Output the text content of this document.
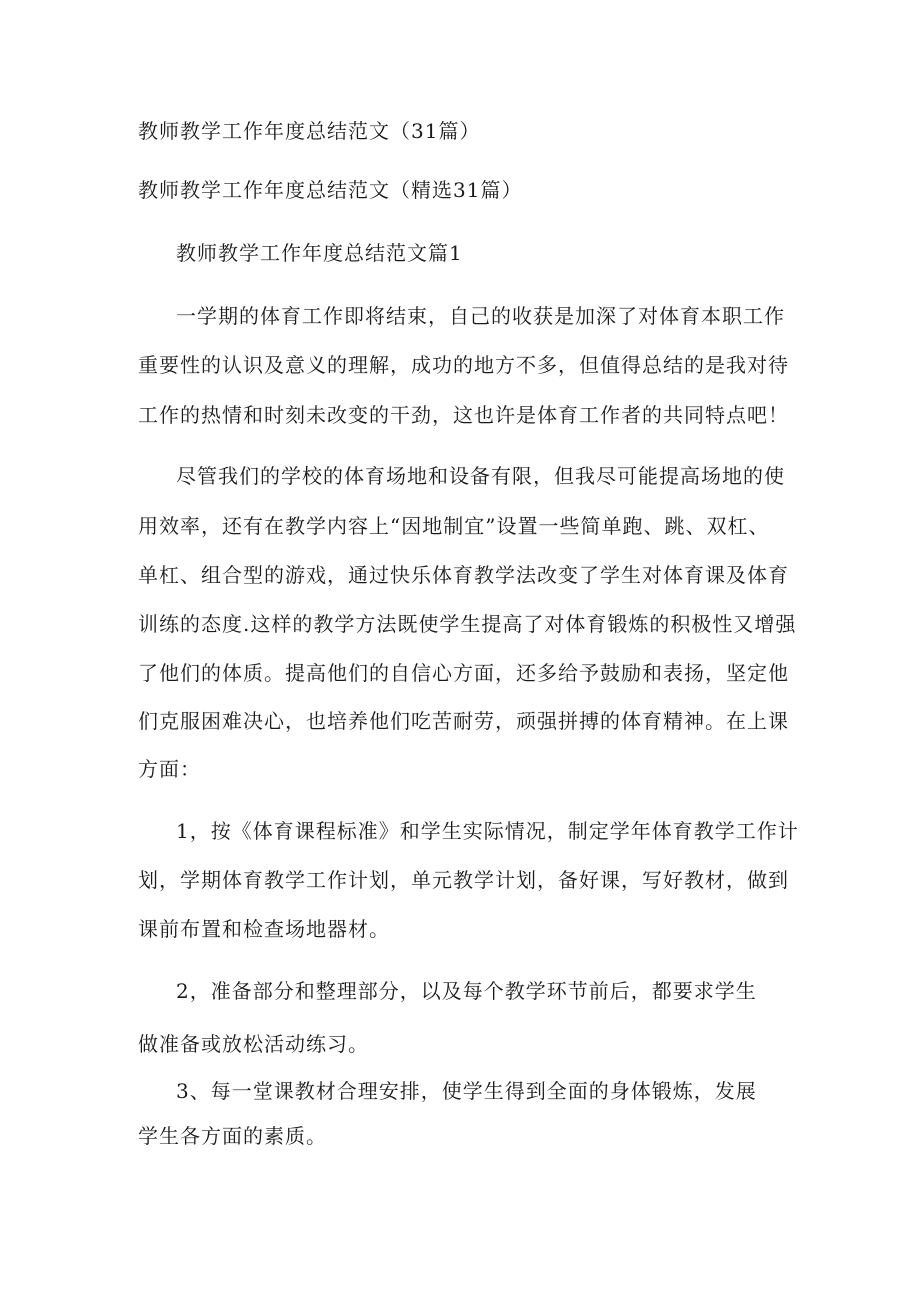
教师教学工作年度总结范文（31篇）
教师教学工作年度总结范文（精选31篇）
教师教学工作年度总结范文篇1
一学期的体育工作即将结束，自己的收获是加深了对体育本职工作
重要性的认识及意义的理解，成功的地方不多，但值得总结的是我对待
工作的热情和时刻未改变的干劲，这也许是体育工作者的共同特点吧！
尽管我们的学校的体育场地和设备有限，但我尽可能提高场地的使
用效率，还有在教学内容上“因地制宜”设置一些简单跑、跳、双杠、
单杠、组合型的游戏，通过快乐体育教学法改变了学生对体育课及体育
训练的态度.这样的教学方法既使学生提高了对体育锻炼的积极性又增强
了他们的体质。提高他们的自信心方面，还多给予鼓励和表扬，坚定他
们克服困难决心，也培养他们吃苦耐劳，顽强拼搏的体育精神。在上课
方面：
1，按《体育课程标准》和学生实际情况，制定学年体育教学工作计
划，学期体育教学工作计划，单元教学计划，备好课，写好教材，做到
课前布置和检查场地器材。
2，准备部分和整理部分，以及每个教学环节前后，都要求学生
做准备或放松活动练习。
3、每一堂课教材合理安排，使学生得到全面的身体锻炼，发展
学生各方面的素质。
